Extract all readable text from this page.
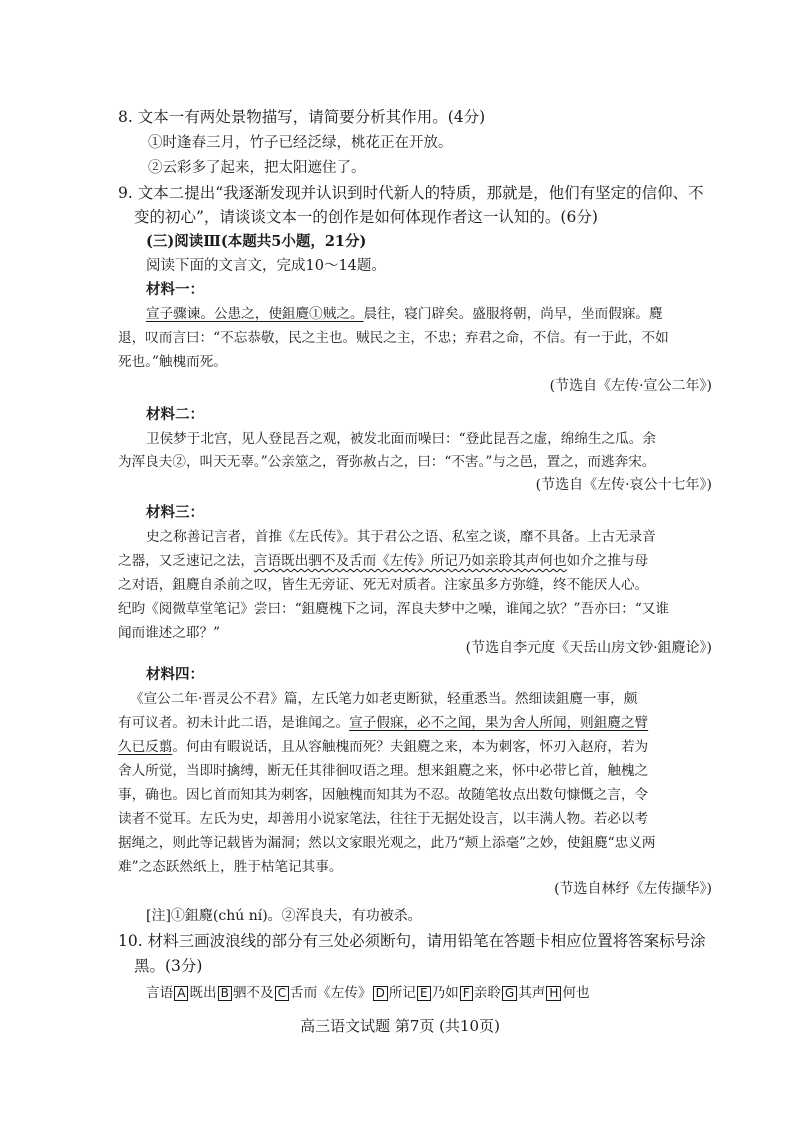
8. 文本一有两处景物描写，请简要分析其作用。(4分)
①时逢春三月，竹子已经泛绿，桃花正在开放。
②云彩多了起来，把太阳遮住了。
9. 文本二提出“我逐渐发现并认识到时代新人的特质，那就是，他们有坚定的信仰、不
变的初心”，请谈谈文本一的创作是如何体现作者这一认知的。(6分)
(三)阅读Ⅲ(本题共5小题，21分)
阅读下面的文言文，完成10～14题。
材料一：
宣子骤谏。公患之，使鉏麑①贼之。晨往，寝门辟矣。盛服将朝，尚早，坐而假寐。麑
退，叹而言曰：“不忘恭敬，民之主也。贼民之主，不忠；弃君之命，不信。有一于此，不如
死也。”触槐而死。
(节选自《左传·宣公二年》)
材料二：
卫侯梦于北宫，见人登昆吾之观，被发北面而噪曰：“登此昆吾之虚，绵绵生之瓜。余
为浑良夫②，叫天无辜。”公亲筮之，胥弥赦占之，曰：“不害。”与之邑，置之，而逃奔宋。
(节选自《左传·哀公十七年》)
材料三：
史之称善记言者，首推《左氏传》。其于君公之语、私室之谈，靡不具备。上古无录音
之器，又乏速记之法，言语既出驷不及舌而《左传》所记乃如亲聆其声何也如介之推与母
之对语，鉏麑自杀前之叹，皆生无旁证、死无对质者。注家虽多方弥缝，终不能厌人心。
纪昀《阅微草堂笔记》尝曰：“鉏麑槐下之词，浑良夫梦中之噪，谁闻之欤？”吾亦曰：“又谁
闻而谁述之耶？”
(节选自李元度《天岳山房文钞·鉏麑论》)
材料四：
《宣公二年·晋灵公不君》篇，左氏笔力如老吏断狱，轻重悉当。然细读鉏麑一事，颇
有可议者。初未计此二语，是谁闻之。宣子假寐，必不之闻，果为舍人所闻，则鉏麑之臂
久已反翦。何由有暇说话，且从容触槐而死？夫鉏麑之来，本为刺客，怀刃入赵府，若为
舍人所觉，当即时擒缚，断无任其徘徊叹语之理。想来鉏麑之来，怀中必带匕首，触槐之
事，确也。因匕首而知其为刺客，因触槐而知其为不忍。故随笔妆点出数句慷慨之言，令
读者不觉耳。左氏为史，却善用小说家笔法，往往于无据处设言，以丰满人物。若必以考
据绳之，则此等记载皆为漏洞；然以文家眼光观之，此乃“颊上添毫”之妙，使鉏麑“忠义两
难”之态跃然纸上，胜于枯笔记其事。
(节选自林纾《左传撷华》)
[注]①鉏麑(chú ní)。②浑良夫，有功被杀。
10. 材料三画波浪线的部分有三处必须断句，请用铅笔在答题卡相应位置将答案标号涂
黑。(3分)
言语 A 既出 B 驷不及 C 舌而《左传》 D 所记 E 乃如 F 亲聆 G 其声 H 何也
高三语文试题 第7页 (共10页)
